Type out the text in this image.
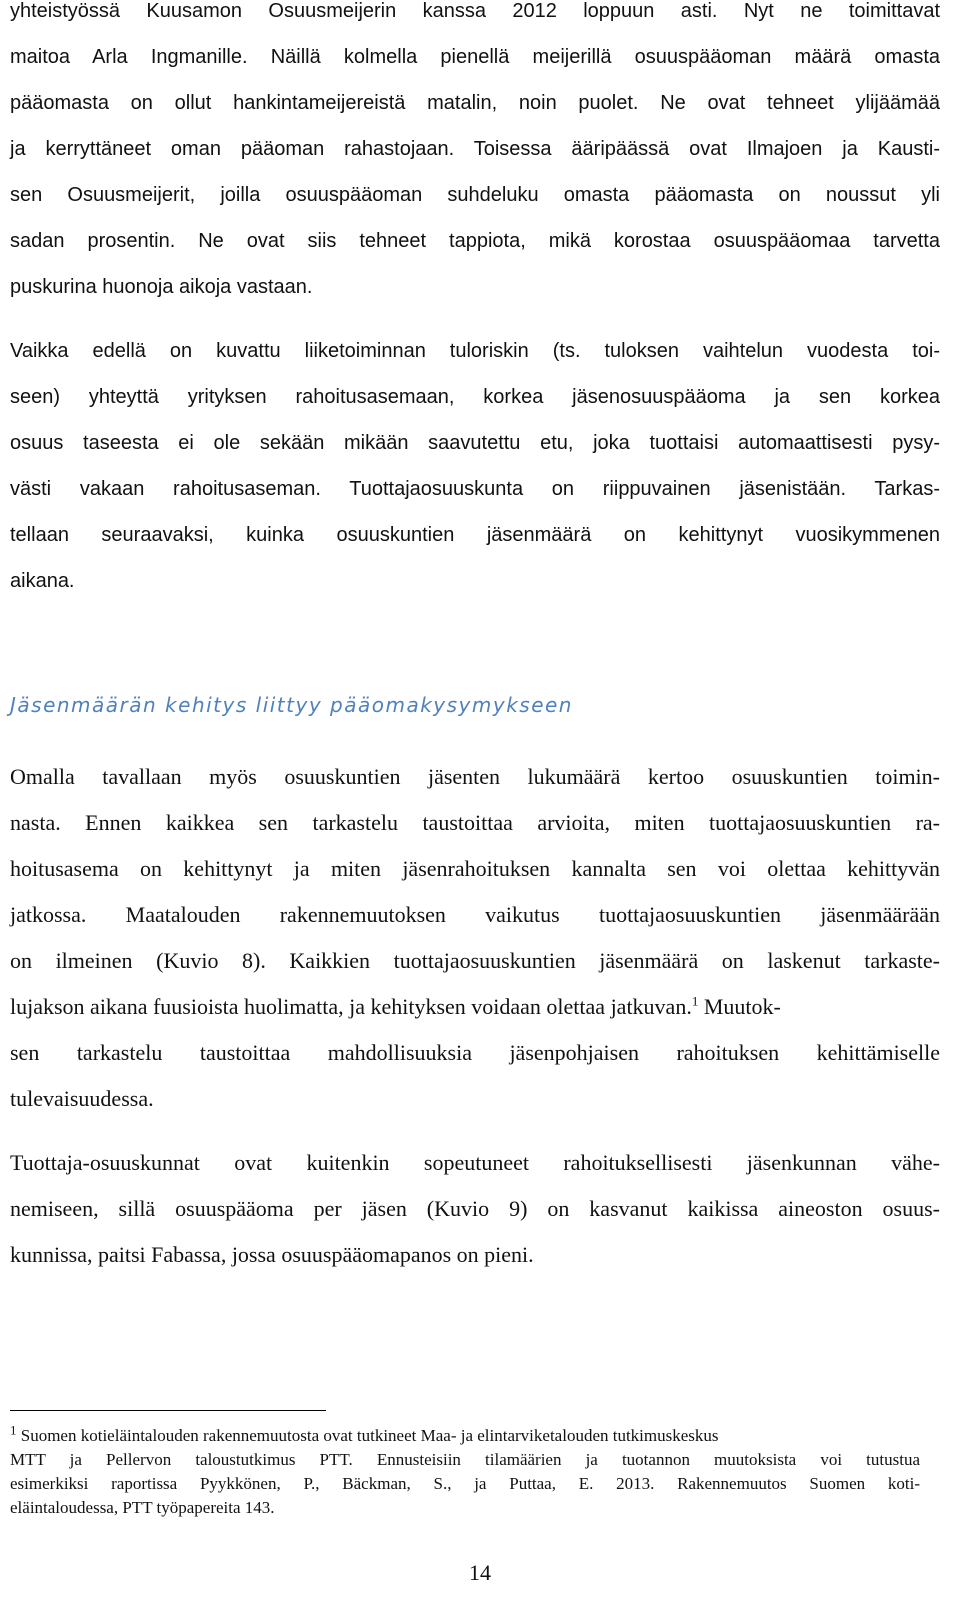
yhteistyössä Kuusamon Osuusmeijerin kanssa 2012 loppuun asti. Nyt ne toimittavat
maitoa Arla Ingmanille. Näillä kolmella pienellä meijerillä osuuspääoman määrä omasta
pääomasta on ollut hankintameijereistä matalin, noin puolet. Ne ovat tehneet ylijäämää
ja kerryttäneet oman pääoman rahastojaan. Toisessa ääripäässä ovat Ilmajoen ja Kausti-
sen Osuusmeijerit, joilla osuuspääoman suhdeluku omasta pääomasta on noussut yli
sadan prosentin. Ne ovat siis tehneet tappiota, mikä korostaa osuuspääomaa tarvetta
puskurina huonoja aikoja vastaan.
Vaikka edellä on kuvattu liiketoiminnan tuloriskin (ts. tuloksen vaihtelun vuodesta toi-
seen) yhteyttä yrityksen rahoitusasemaan, korkea jäsenosuuspääoma ja sen korkea
osuus taseesta ei ole sekään mikään saavutettu etu, joka tuottaisi automaattisesti pysy-
västi vakaan rahoitusaseman. Tuottajaosuuskunta on riippuvainen jäsenistään. Tarkas-
tellaan seuraavaksi, kuinka osuuskuntien jäsenmäärä on kehittynyt vuosikymmenen
aikana.
Jäsenmäärän kehitys liittyy pääomakysymykseen
Omalla tavallaan myös osuuskuntien jäsenten lukumäärä kertoo osuuskuntien toimin-
nasta. Ennen kaikkea sen tarkastelu taustoittaa arvioita, miten tuottajaosuuskuntien ra-
hoitusasema on kehittynyt ja miten jäsenrahoituksen kannalta sen voi olettaa kehittyvän
jatkossa. Maatalouden rakennemuutoksen vaikutus tuottajaosuuskuntien jäsenmäärään
on ilmeinen (Kuvio 8). Kaikkien tuottajaosuuskuntien jäsenmäärä on laskenut tarkaste-
lujakson aikana fuusioista huolimatta, ja kehityksen voidaan olettaa jatkuvan.$^1$ Muutok-
sen tarkastelu taustoittaa mahdollisuuksia jäsenpohjaisen rahoituksen kehittämiselle
tulevaisuudessa.
Tuottaja-osuuskunnat ovat kuitenkin sopeutuneet rahoituksellisesti jäsenkunnan vähe-
nemiseen, sillä osuuspääoma per jäsen (Kuvio 9) on kasvanut kaikissa aineoston osuus-
kunnissa, paitsi Fabassa, jossa osuuspääomapanos on pieni.
$^1$ Suomen kotieläintalouden rakennemuutosta ovat tutkineet Maa- ja elintarviketalouden tutkimuskeskus
MTT ja Pellervon taloustutkimus PTT. Ennusteisiin tilamäärien ja tuotannon muutoksista voi tutustua
esimerkiksi raportissa Pyykkönen, P., Bäckman, S., ja Puttaa, E. 2013. Rakennemuutos Suomen koti-
eläintaloudessa, PTT työpapereita 143.
14
